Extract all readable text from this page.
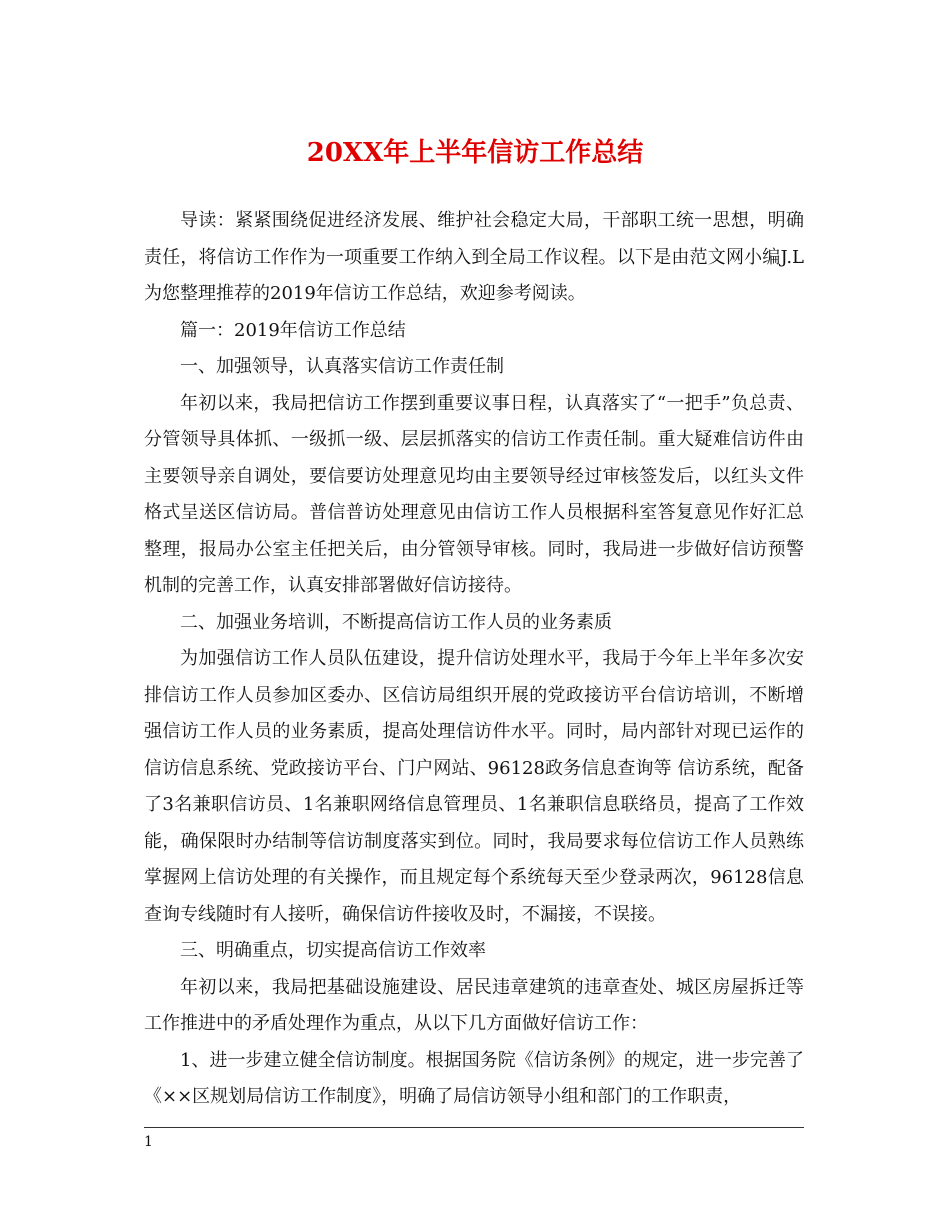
20XX年上半年信访工作总结

导读：紧紧围绕促进经济发展、维护社会稳定大局，干部职工统一思想，明确责任，将信访工作作为一项重要工作纳入到全局工作议程。以下是由范文网小编J.L为您整理推荐的2019年信访工作总结，欢迎参考阅读。

篇一：2019年信访工作总结

一、加强领导，认真落实信访工作责任制

年初以来，我局把信访工作摆到重要议事日程，认真落实了“一把手”负总责、分管领导具体抓、一级抓一级、层层抓落实的信访工作责任制。重大疑难信访件由主要领导亲自调处，要信要访处理意见均由主要领导经过审核签发后，以红头文件格式呈送区信访局。普信普访处理意见由信访工作人员根据科室答复意见作好汇总整理，报局办公室主任把关后，由分管领导审核。同时，我局进一步做好信访预警机制的完善工作，认真安排部署做好信访接待。

二、加强业务培训，不断提高信访工作人员的业务素质

为加强信访工作人员队伍建设，提升信访处理水平，我局于今年上半年多次安排信访工作人员参加区委办、区信访局组织开展的党政接访平台信访培训，不断增强信访工作人员的业务素质，提高处理信访件水平。同时，局内部针对现已运作的信访信息系统、党政接访平台、门户网站、96128政务信息查询等 信访系统，配备了3名兼职信访员、1名兼职网络信息管理员、1名兼职信息联络员，提高了工作效能，确保限时办结制等信访制度落实到位。同时，我局要求每位信访工作人员熟练掌握网上信访处理的有关操作，而且规定每个系统每天至少登录两次，96128信息查询专线随时有人接听，确保信访件接收及时，不漏接，不误接。

三、明确重点，切实提高信访工作效率

年初以来，我局把基础设施建设、居民违章建筑的违章查处、城区房屋拆迁等工作推进中的矛盾处理作为重点，从以下几方面做好信访工作：

1、进一步建立健全信访制度。根据国务院《信访条例》的规定，进一步完善了《××区规划局信访工作制度》，明确了局信访领导小组和部门的工作职责，

1
